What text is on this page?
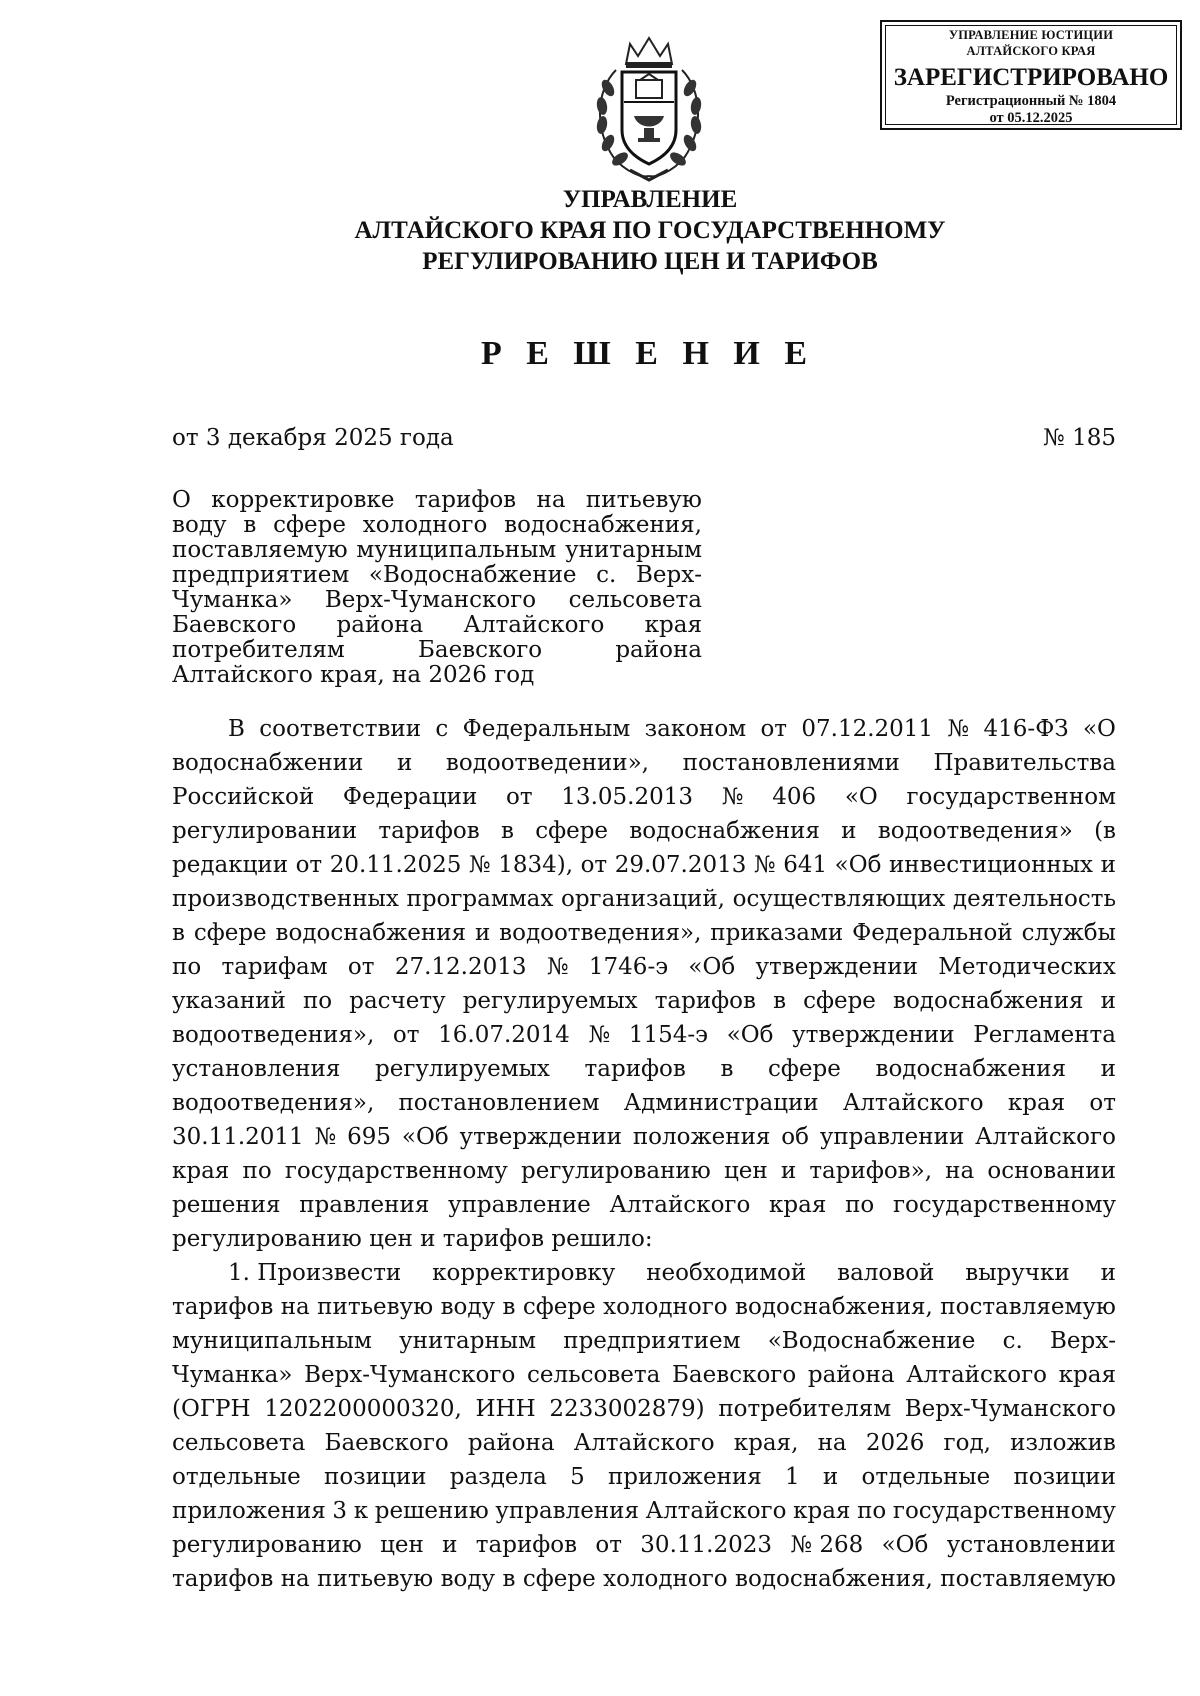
УПРАВЛЕНИЕ ЮСТИЦИИ
АЛТАЙСКОГО КРАЯ
ЗАРЕГИСТРИРОВАНО
Регистрационный № 1804
от 05.12.2025
УПРАВЛЕНИЕ
АЛТАЙСКОГО КРАЯ ПО ГОСУДАРСТВЕННОМУ
РЕГУЛИРОВАНИЮ ЦЕН И ТАРИФОВ
Р Е Ш Е Н И Е
от 3 декабря 2025 года	№ 185
О корректировке тарифов на питьевую
воду в сфере холодного водоснабжения,
поставляемую муниципальным унитарным
предприятием «Водоснабжение с. Верх-
Чуманка» Верх-Чуманского сельсовета
Баевского района Алтайского края
потребителям	Баевского	района
Алтайского края, на 2026 год
В соответствии с Федеральным законом от 07.12.2011 № 416-ФЗ «О
водоснабжении и водоотведении», постановлениями Правительства
Российской Федерации от 13.05.2013 № 406 «О государственном
регулировании тарифов в сфере водоснабжения и водоотведения» (в
редакции от 20.11.2025 № 1834), от 29.07.2013 № 641 «Об инвестиционных и
производственных программах организаций, осуществляющих деятельность
в сфере водоснабжения и водоотведения», приказами Федеральной службы
по тарифам от 27.12.2013 № 1746-э «Об утверждении Методических
указаний по расчету регулируемых тарифов в сфере водоснабжения и
водоотведения», от 16.07.2014 № 1154-э «Об утверждении Регламента
установления регулируемых тарифов в сфере водоснабжения и
водоотведения», постановлением Администрации Алтайского края от
30.11.2011 № 695 «Об утверждении положения об управлении Алтайского
края по государственному регулированию цен и тарифов», на основании
решения правления управление Алтайского края по государственному
регулированию цен и тарифов решило:
1. Произвести корректировку необходимой валовой выручки и
тарифов на питьевую воду в сфере холодного водоснабжения, поставляемую
муниципальным унитарным предприятием «Водоснабжение с. Верх-
Чуманка» Верх-Чуманского сельсовета Баевского района Алтайского края
(ОГРН 1202200000320, ИНН 2233002879) потребителям Верх-Чуманского
сельсовета Баевского района Алтайского края, на 2026 год, изложив
отдельные позиции раздела 5 приложения 1 и отдельные позиции
приложения 3 к решению управления Алтайского края по государственному
регулированию цен и тарифов от 30.11.2023 № 268 «Об установлении
тарифов на питьевую воду в сфере холодного водоснабжения, поставляемую
